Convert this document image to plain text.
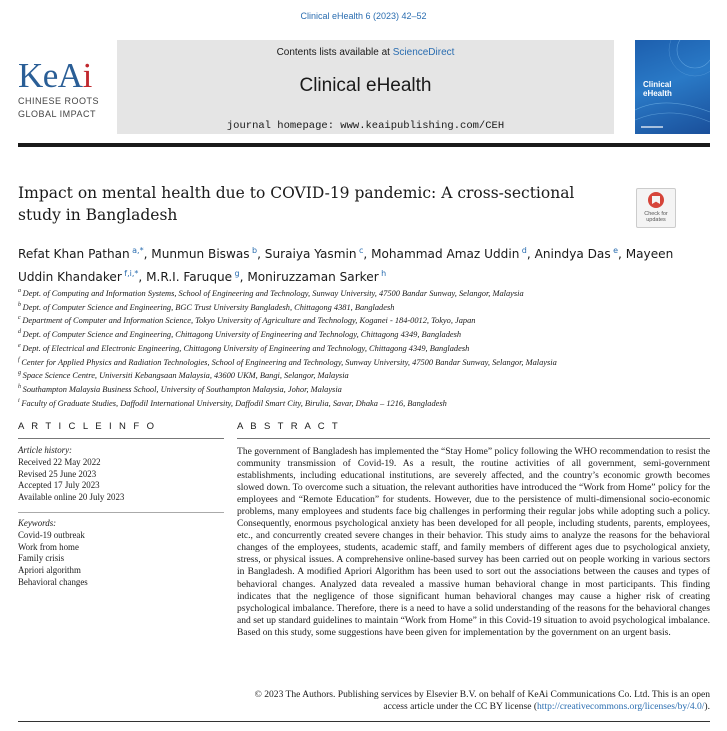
Clinical eHealth 6 (2023) 42–52
KeAi
CHINESE ROOTS
GLOBAL IMPACT
Contents lists available at ScienceDirect
Clinical eHealth
journal homepage: www.keaipublishing.com/CEH
Clinical
eHealth
Impact on mental health due to COVID-19 pandemic: A cross-sectional study in Bangladesh	Check for
updates
Refat Khan Pathan  $^{a,*}$, Munmun Biswas  $^b$, Suraiya Yasmin  $^c$, Mohammad Amaz Uddin  $^d$, Anindya Das  $^e$, Mayeen Uddin Khandaker  $^{f,i,*}$, M.R.I. Faruque  $^g$, Moniruzzaman Sarker  $^h$
$^a$ Dept. of Computing and Information Systems, School of Engineering and Technology, Sunway University, 47500 Bandar Sunway, Selangor, Malaysia
$^b$ Dept. of Computer Science and Engineering, BGC Trust University Bangladesh, Chittagong 4381, Bangladesh
$^c$ Department of Computer and Information Science, Tokyo University of Agriculture and Technology, Koganei - 184-0012, Tokyo, Japan
$^d$ Dept. of Computer Science and Engineering, Chittagong University of Engineering and Technology, Chittagong 4349, Bangladesh
$^e$ Dept. of Electrical and Electronic Engineering, Chittagong University of Engineering and Technology, Chittagong 4349, Bangladesh
$^f$ Center for Applied Physics and Radiation Technologies, School of Engineering and Technology, Sunway University, 47500 Bandar Sunway, Selangor, Malaysia
$^g$ Space Science Centre, Universiti Kebangsaan Malaysia, 43600 UKM, Bangi, Selangor, Malaysia
$^h$ Southampton Malaysia Business School, University of Southampton Malaysia, Johor, Malaysia
$^i$ Faculty of Graduate Studies, Daffodil International University, Daffodil Smart City, Birulia, Savar, Dhaka – 1216, Bangladesh
A R T I C L E I N F O
Article history:
Received 22 May 2022
Revised 25 June 2023
Accepted 17 July 2023
Available online 20 July 2023
Keywords:
Covid-19 outbreak
Work from home
Family crisis
Apriori algorithm
Behavioral changes
A B S T R A C T
The government of Bangladesh has implemented the “Stay Home” policy following the WHO recommendation to resist the community transmission of Covid-19. As a result, the routine activities of all government, semi-government establishments, including educational institutions, are severely affected, and the country’s economic growth becomes slowed down. To overcome such a situation, the relevant authorities have introduced the “Work from Home” policy for the employees and “Remote Education” for students. However, due to the persistence of multi-dimensional socio-economic problems, many employees and students face big challenges in performing their regular jobs while adopting such a policy. Consequently, enormous psychological anxiety has been developed for all people, including students, parents, employees, etc., and concurrently created severe changes in their behavior. This study aims to analyze the reasons for the behavioral changes of the employees, students, academic staff, and family members of different ages due to psychological anxiety, stress, or physical issues. A comprehensive online-based survey has been carried out on people working in various sectors in Bangladesh. A modified Apriori Algorithm has been used to sort out the associations between the causes and types of behavioral changes. Analyzed data revealed a massive human behavioral change in most participants. This finding indicates that the negligence of those significant human behavioral changes may cause a higher risk of creating psychological imbalance. Therefore, there is a need to have a solid understanding of the reasons for the behavioral changes and set up standard guidelines to maintain “Work from Home” in this Covid-19 situation to avoid psychological imbalance. Based on this study, some suggestions have been given for implementation by the government on an urgent basis.
© 2023 The Authors. Publishing services by Elsevier B.V. on behalf of KeAi Communications Co. Ltd. This is an open access article under the CC BY license (http://creativecommons.org/licenses/by/4.0/).
